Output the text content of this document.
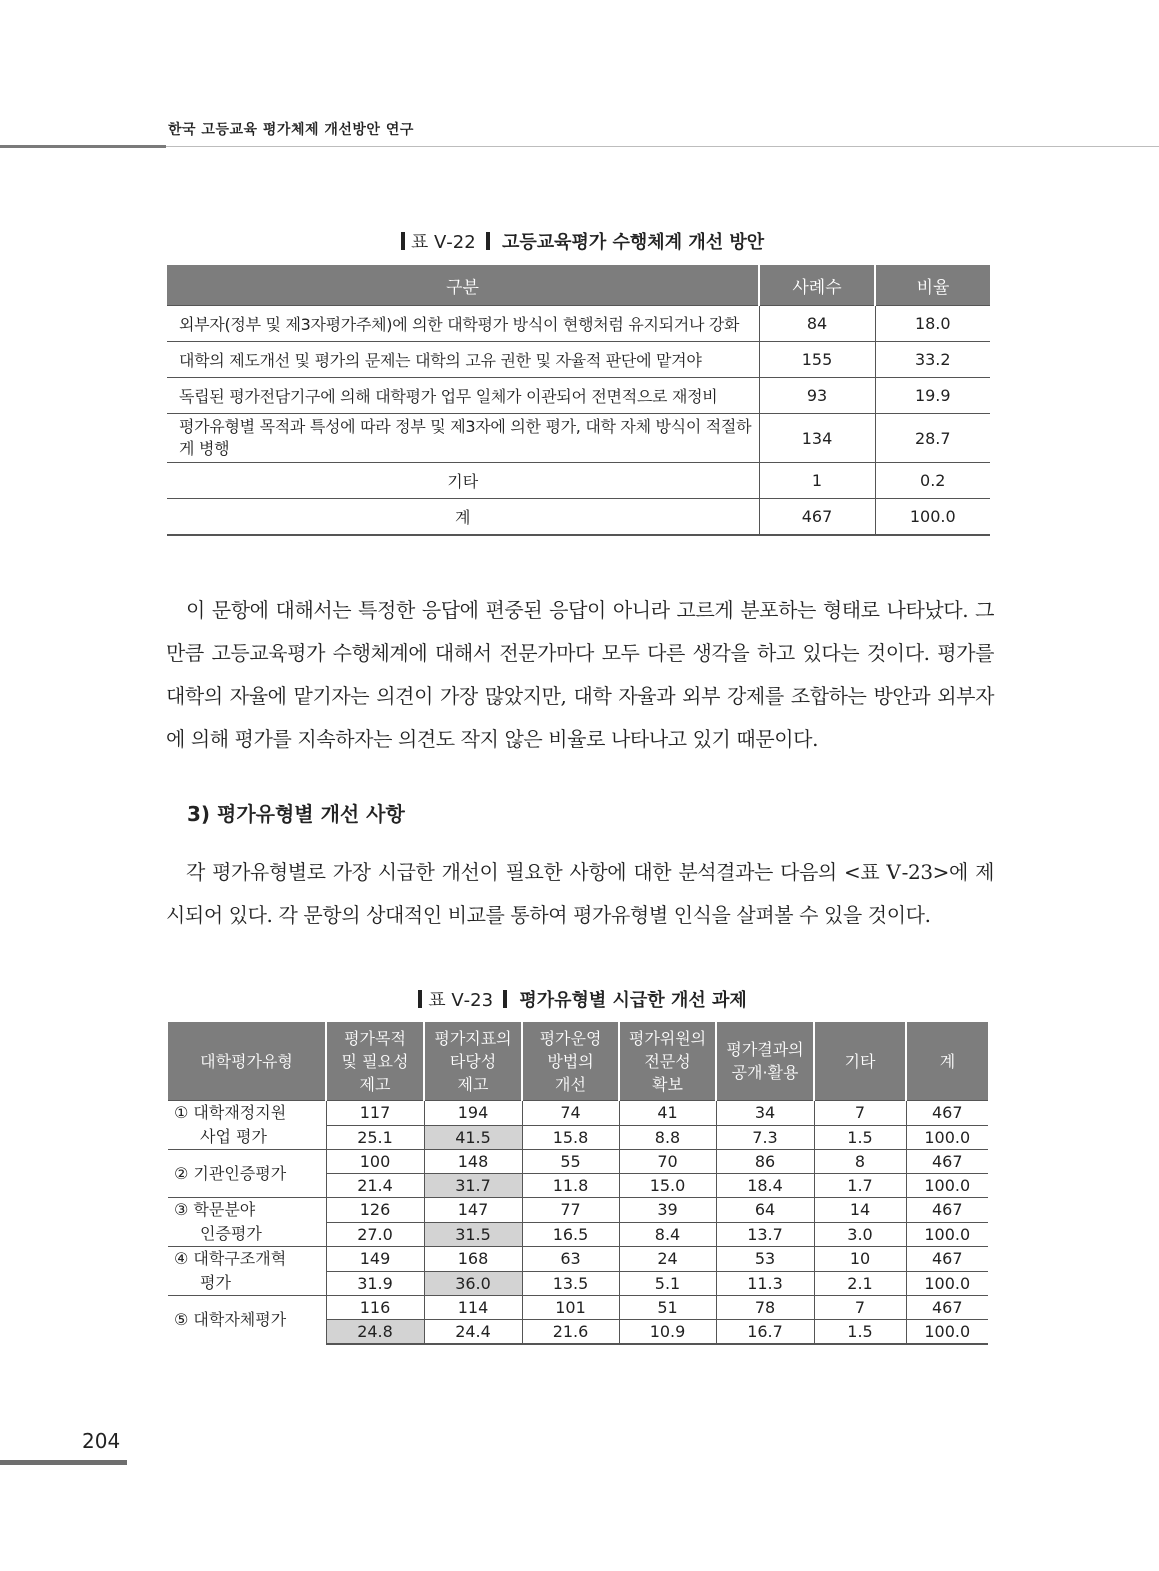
한국 고등교육 평가체제 개선방안 연구
표 Ⅴ-22 고등교육평가 수행체계 개선 방안
구분	사례수	비율
외부자(정부 및 제3자평가주체)에 의한 대학평가 방식이 현행처럼 유지되거나 강화	84	18.0
대학의 제도개선 및 평가의 문제는 대학의 고유 권한 및 자율적 판단에 맡겨야	155	33.2
독립된 평가전담기구에 의해 대학평가 업무 일체가 이관되어 전면적으로 재정비	93	19.9
평가유형별 목적과 특성에 따라 정부 및 제3자에 의한 평가, 대학 자체 방식이 적절하게 병행	134	28.7
기타	1	0.2
계	467	100.0

이 문항에 대해서는 특정한 응답에 편중된 응답이 아니라 고르게 분포하는 형태로 나타났다. 그만큼 고등교육평가 수행체계에 대해서 전문가마다 모두 다른 생각을 하고 있다는 것이다. 평가를 대학의 자율에 맡기자는 의견이 가장 많았지만, 대학 자율과 외부 강제를 조합하는 방안과 외부자에 의해 평가를 지속하자는 의견도 작지 않은 비율로 나타나고 있기 때문이다.

3) 평가유형별 개선 사항

각 평가유형별로 가장 시급한 개선이 필요한 사항에 대한 분석결과는 다음의 <표 Ⅴ-23>에 제시되어 있다. 각 문항의 상대적인 비교를 통하여 평가유형별 인식을 살펴볼 수 있을 것이다.

표 Ⅴ-23 평가유형별 시급한 개선 과제
대학평가유형	평가목적
및 필요성
제고	평가지표의
타당성
제고	평가운영
방법의
개선	평가위원의
전문성
확보	평가결과의
공개·활용	기타	계
① 대학재정지원
사업 평가	117	194	74	41	34	7	467
	25.1	41.5	15.8	8.8	7.3	1.5	100.0
② 기관인증평가	100	148	55	70	86	8	467
	21.4	31.7	11.8	15.0	18.4	1.7	100.0
③ 학문분야
인증평가	126	147	77	39	64	14	467
	27.0	31.5	16.5	8.4	13.7	3.0	100.0
④ 대학구조개혁
평가	149	168	63	24	53	10	467
	31.9	36.0	13.5	5.1	11.3	2.1	100.0
⑤ 대학자체평가	116	114	101	51	78	7	467
	24.8	24.4	21.6	10.9	16.7	1.5	100.0
204
